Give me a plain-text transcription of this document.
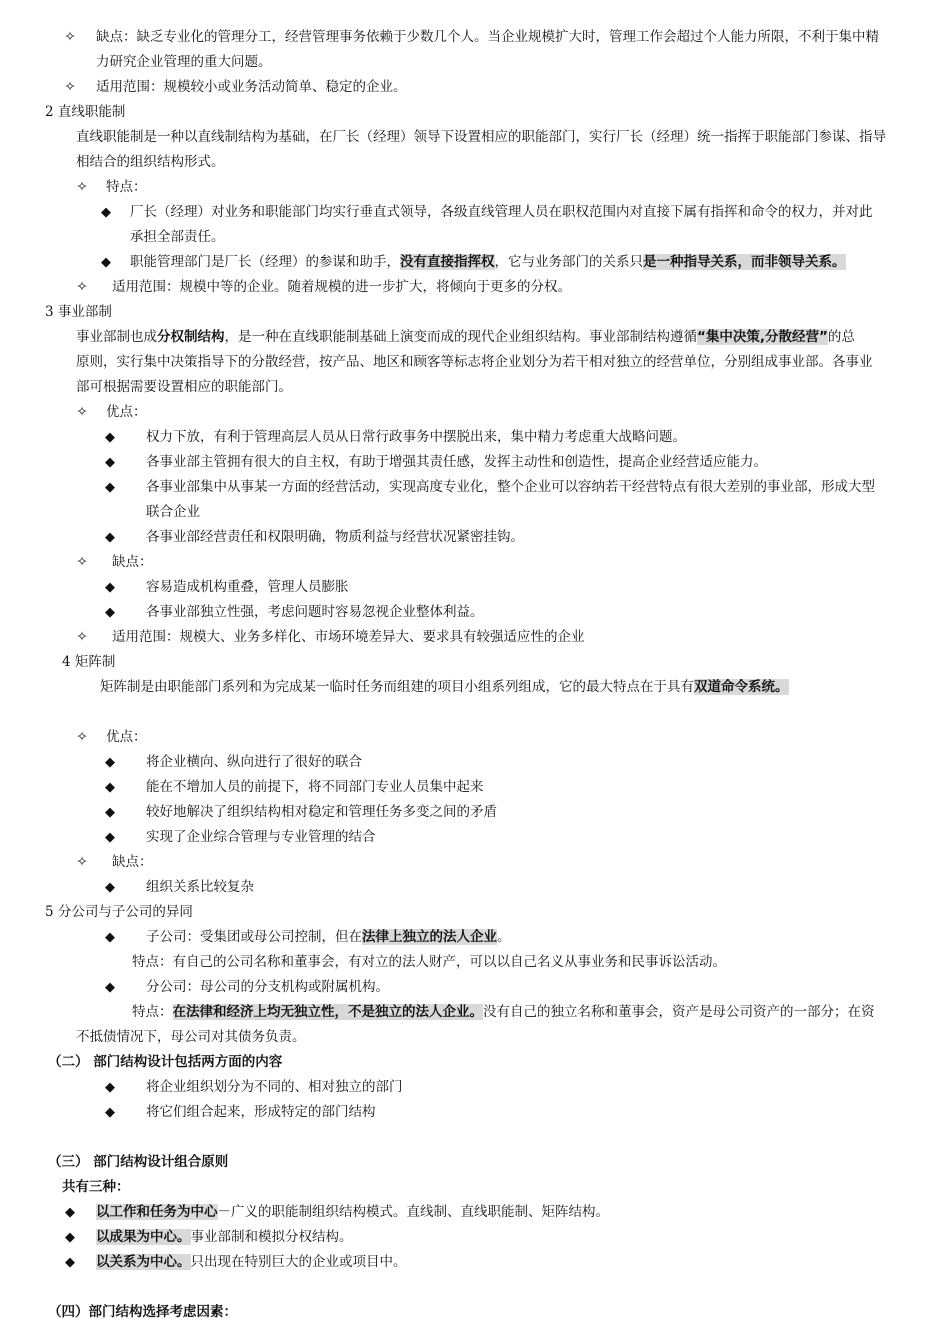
✧ 缺点：缺乏专业化的管理分工，经营管理事务依赖于少数几个人。当企业规模扩大时，管理工作会超过个人能力所限，不利于集中精
力研究企业管理的重大问题。
✧ 适用范围：规模较小或业务活动简单、稳定的企业。
2 直线职能制
直线职能制是一种以直线制结构为基础，在厂长（经理）领导下设置相应的职能部门，实行厂长（经理）统一指挥于职能部门参谋、指导
相结合的组织结构形式。
✧ 特点：
◆ 厂长（经理）对业务和职能部门均实行垂直式领导，各级直线管理人员在职权范围内对直接下属有指挥和命令的权力，并对此
承担全部责任。
◆ 职能管理部门是厂长（经理）的参谋和助手，没有直接指挥权，它与业务部门的关系只是一种指导关系，而非领导关系。
✧ 适用范围：规模中等的企业。随着规模的进一步扩大，将倾向于更多的分权。
3 事业部制
事业部制也成分权制结构，是一种在直线职能制基础上演变而成的现代企业组织结构。事业部制结构遵循“集中决策,分散经营”的总
原则，实行集中决策指导下的分散经营，按产品、地区和顾客等标志将企业划分为若干相对独立的经营单位，分别组成事业部。各事业
部可根据需要设置相应的职能部门。
✧ 优点：
◆ 权力下放，有利于管理高层人员从日常行政事务中摆脱出来，集中精力考虑重大战略问题。
◆ 各事业部主管拥有很大的自主权，有助于增强其责任感，发挥主动性和创造性，提高企业经营适应能力。
◆ 各事业部集中从事某一方面的经营活动，实现高度专业化，整个企业可以容纳若干经营特点有很大差别的事业部，形成大型
联合企业
◆ 各事业部经营责任和权限明确，物质利益与经营状况紧密挂钩。
✧ 缺点：
◆ 容易造成机构重叠，管理人员膨胀
◆ 各事业部独立性强，考虑问题时容易忽视企业整体利益。
✧ 适用范围：规模大、业务多样化、市场环境差异大、要求具有较强适应性的企业
4 矩阵制
矩阵制是由职能部门系列和为完成某一临时任务而组建的项目小组系列组成，它的最大特点在于具有双道命令系统。
✧ 优点：
◆ 将企业横向、纵向进行了很好的联合
◆ 能在不增加人员的前提下，将不同部门专业人员集中起来
◆ 较好地解决了组织结构相对稳定和管理任务多变之间的矛盾
◆ 实现了企业综合管理与专业管理的结合
✧ 缺点：
◆ 组织关系比较复杂
5 分公司与子公司的异同
◆ 子公司：受集团或母公司控制，但在法律上独立的法人企业。
特点：有自己的公司名称和董事会，有对立的法人财产，可以以自己名义从事业务和民事诉讼活动。
◆ 分公司：母公司的分支机构或附属机构。
特点：在法律和经济上均无独立性，不是独立的法人企业。没有自己的独立名称和董事会，资产是母公司资产的一部分；在资
不抵债情况下，母公司对其债务负责。
（二） 部门结构设计包括两方面的内容
◆ 将企业组织划分为不同的、相对独立的部门
◆ 将它们组合起来，形成特定的部门结构
（三） 部门结构设计组合原则
共有三种：
◆ 以工作和任务为中心－广义的职能制组织结构模式。直线制、直线职能制、矩阵结构。
◆ 以成果为中心。事业部制和模拟分权结构。
◆ 以关系为中心。只出现在特别巨大的企业或项目中。
（四）部门结构选择考虑因素：
